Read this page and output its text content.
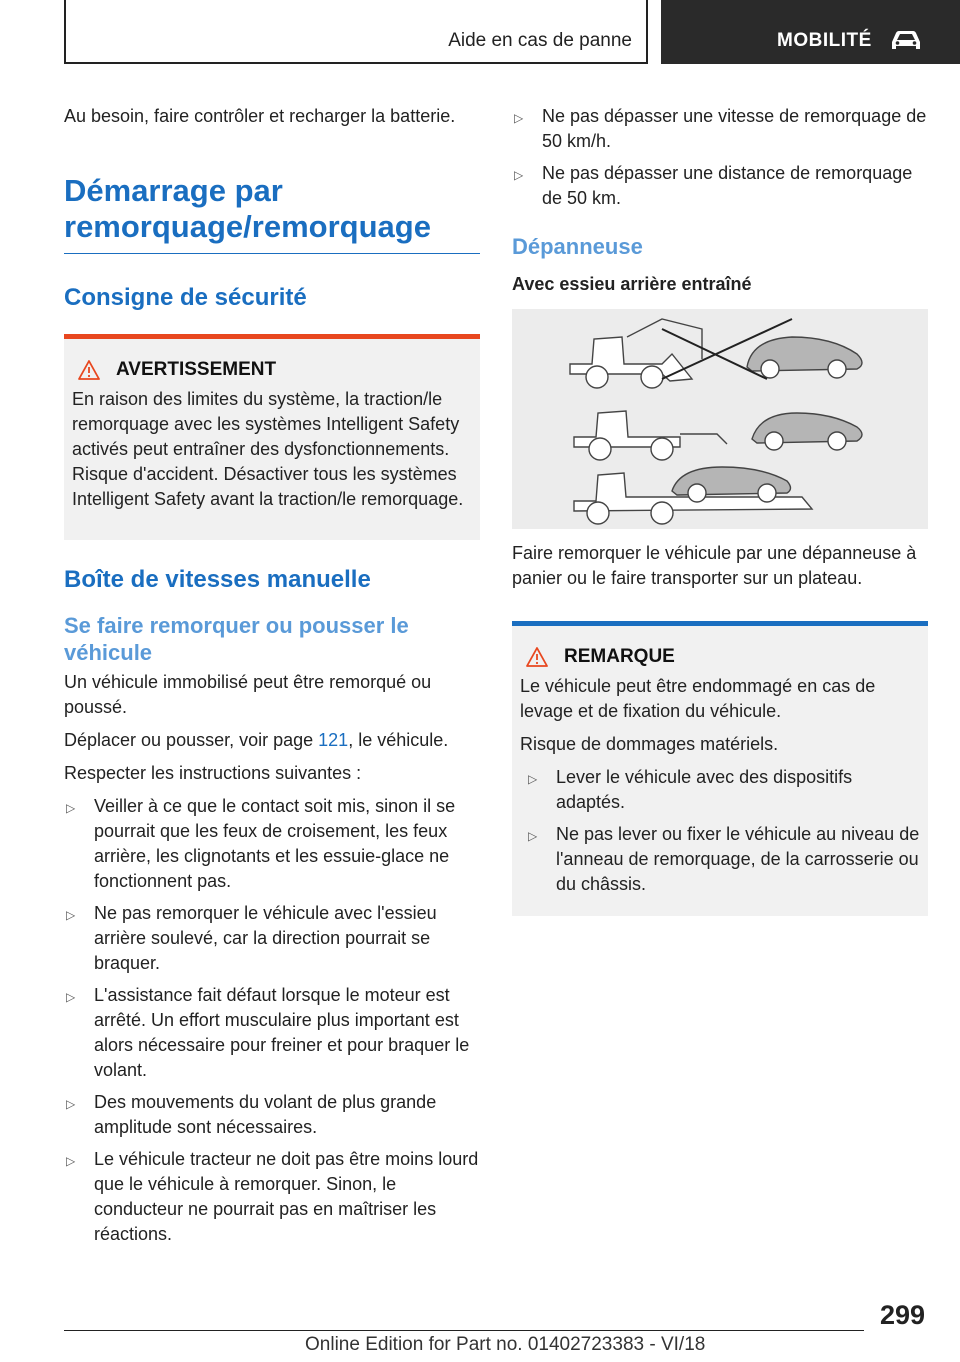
Aide en cas de panne	MOBILITÉ

Au besoin, faire contrôler et recharger la batterie.

Démarrage par
remorquage/remorquage
Consigne de sécurité
AVERTISSEMENT

En raison des limites du système, la traction/le remorquage avec les systèmes Intelligent Safety activés peut entraîner des dysfonctionnements. Risque d'accident. Désactiver tous les systèmes Intelligent Safety avant la traction/le remorquage.

Boîte de vitesses manuelle
Se faire remorquer ou pousser le véhicule

Un véhicule immobilisé peut être remorqué ou poussé.

Déplacer ou pousser, voir page 121, le véhicule.

Respecter les instructions suivantes :

▷ Veiller à ce que le contact soit mis, sinon il se pourrait que les feux de croisement, les feux arrière, les clignotants et les essuie-glace ne fonctionnent pas.
▷ Ne pas remorquer le véhicule avec l'essieu arrière soulevé, car la direction pourrait se braquer.
▷ L'assistance fait défaut lorsque le moteur est arrêté. Un effort musculaire plus important est alors nécessaire pour freiner et pour braquer le volant.
▷ Des mouvements du volant de plus grande amplitude sont nécessaires.
▷ Le véhicule tracteur ne doit pas être moins lourd que le véhicule à remorquer. Sinon, le conducteur ne pourrait pas en maîtriser les réactions.
▷ Ne pas dépasser une vitesse de remorquage de 50 km/h.
▷ Ne pas dépasser une distance de remorquage de 50 km.
Dépanneuse
Avec essieu arrière entraîné

Faire remorquer le véhicule par une dépanneuse à panier ou le faire transporter sur un plateau.

REMARQUE

Le véhicule peut être endommagé en cas de levage et de fixation du véhicule.

Risque de dommages matériels.

▷ Lever le véhicule avec des dispositifs adaptés.
▷ Ne pas lever ou fixer le véhicule au niveau de l'anneau de remorquage, de la carrosserie ou du châssis.
299
Online Edition for Part no. 01402723383 - VI/18
